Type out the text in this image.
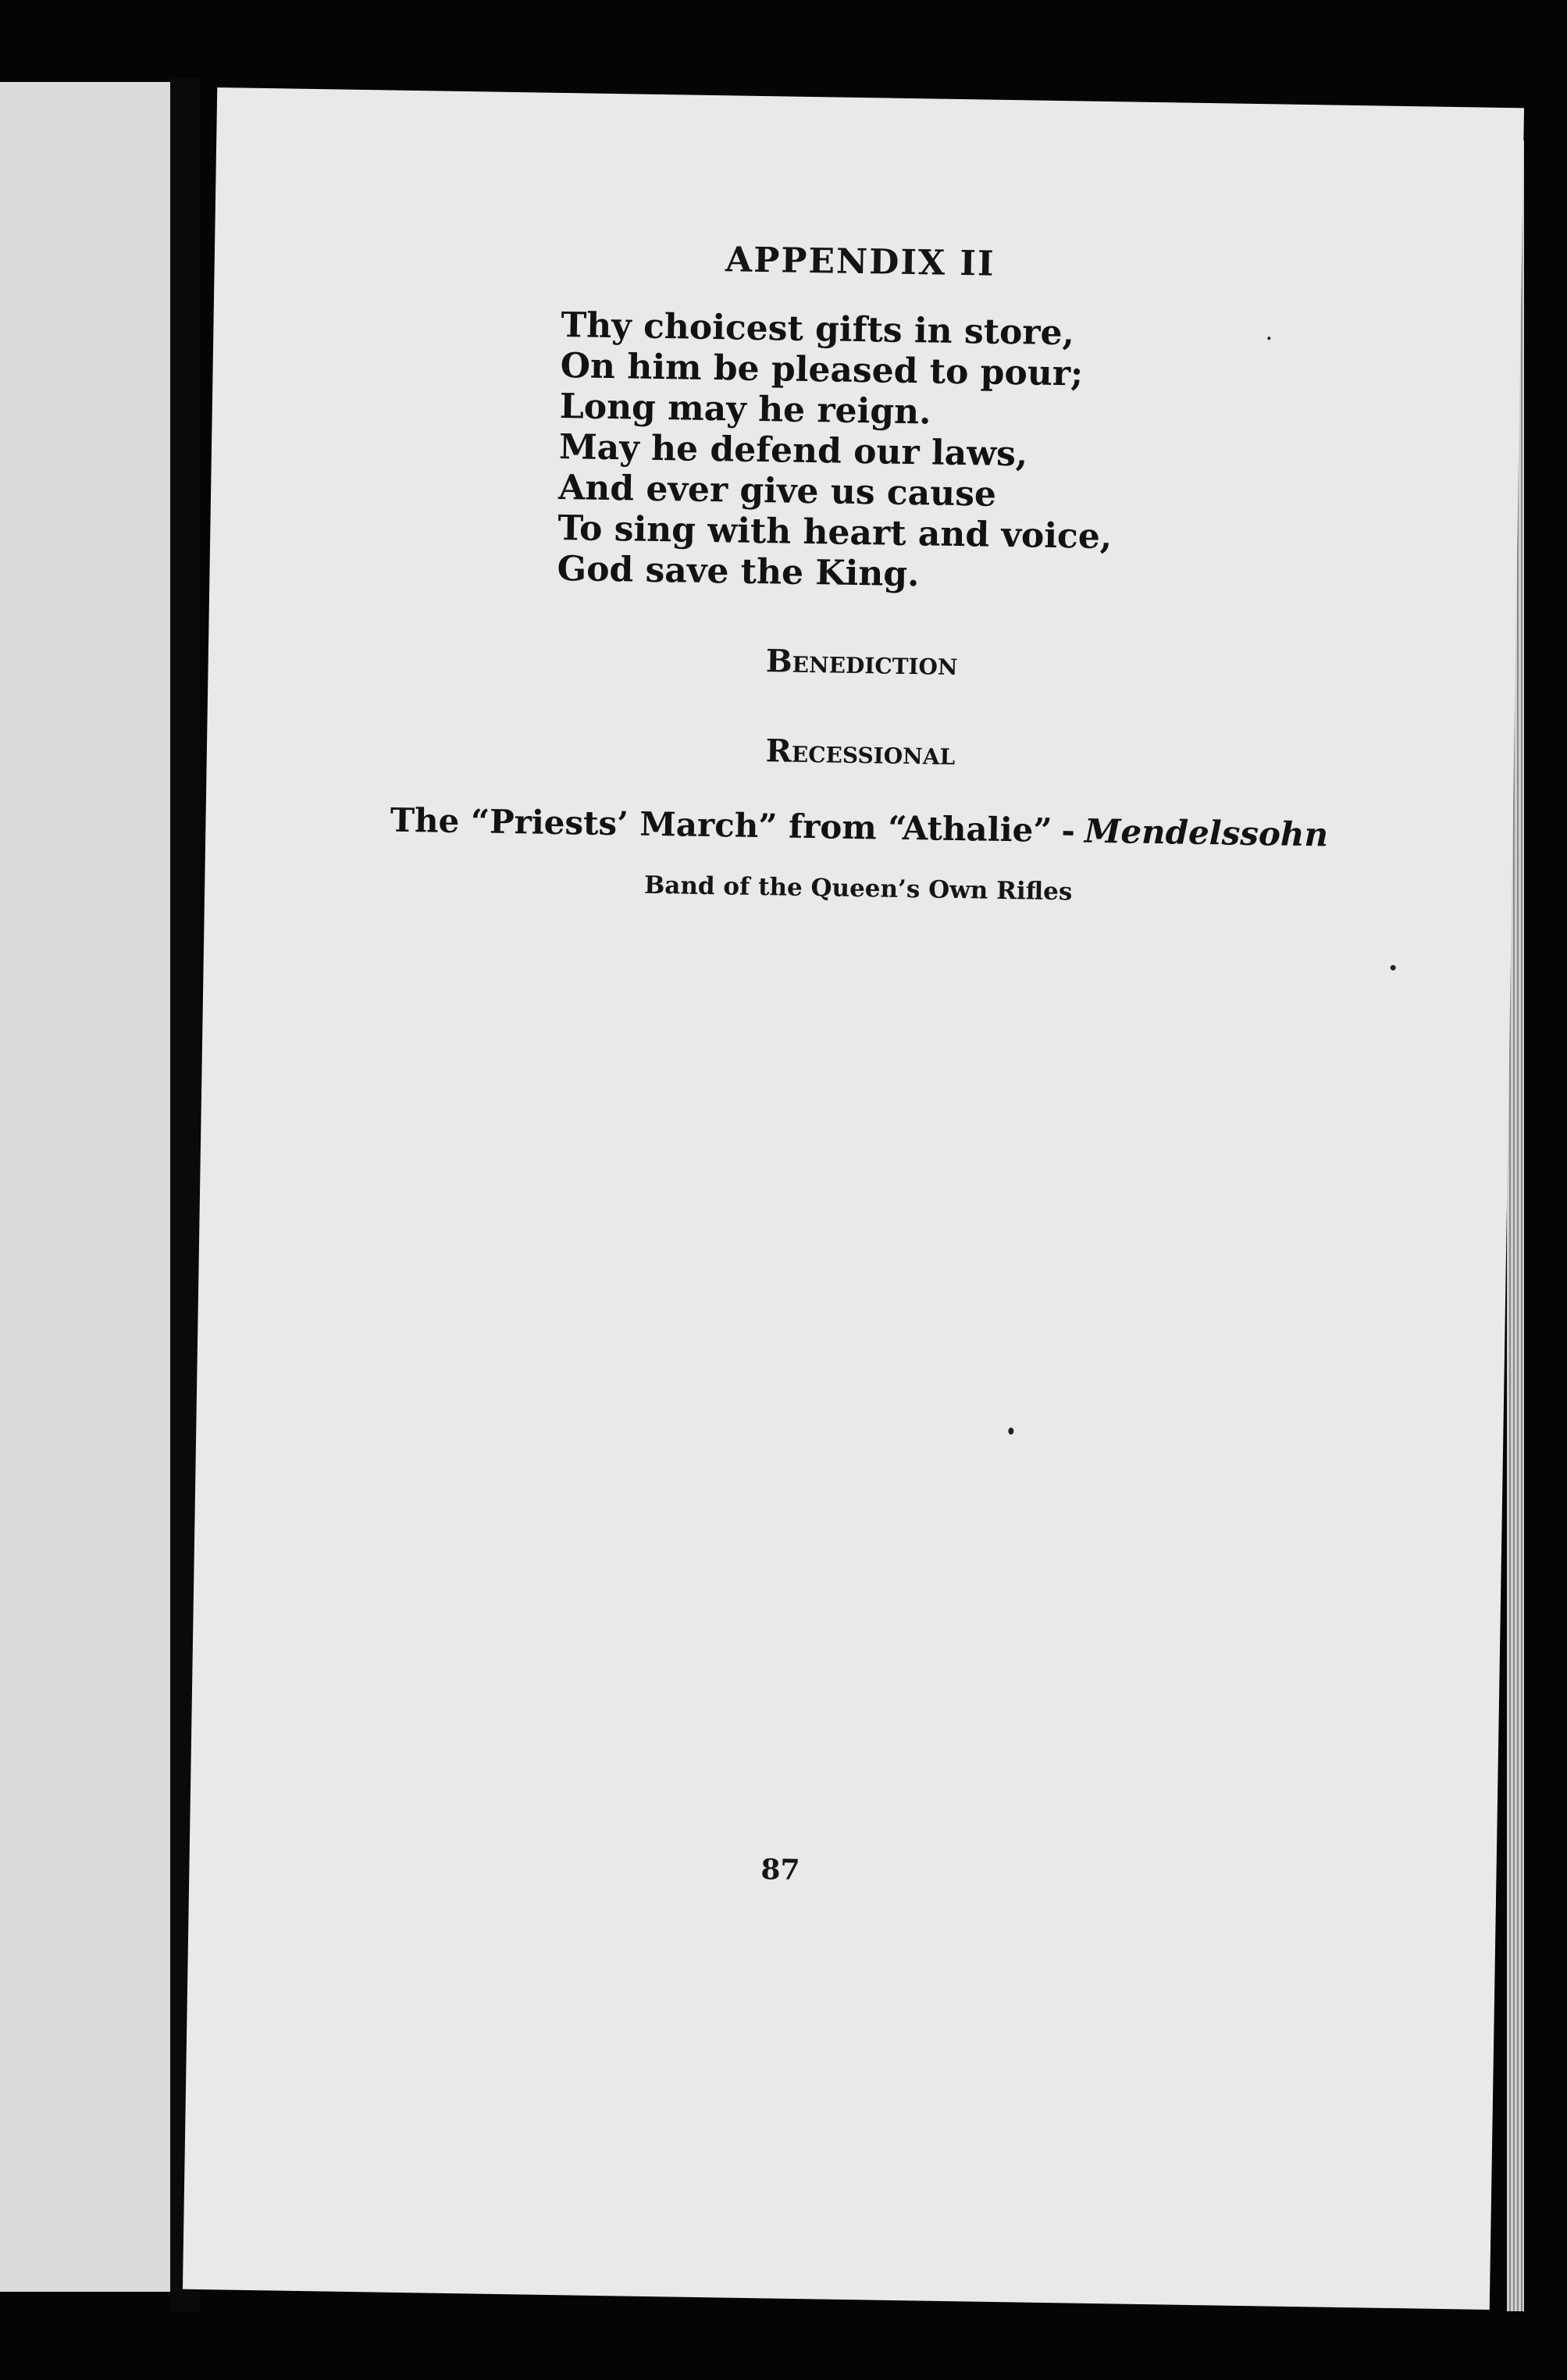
APPENDIX II
Thy choicest gifts in store,
On him be pleased to pour;
Long may he reign.
May he defend our laws,
And ever give us cause
To sing with heart and voice,
God save the King.
Benediction
Recessional
The “Priests’ March” from “Athalie” - Mendelssohn
Band of the Queen’s Own Rifles
87
